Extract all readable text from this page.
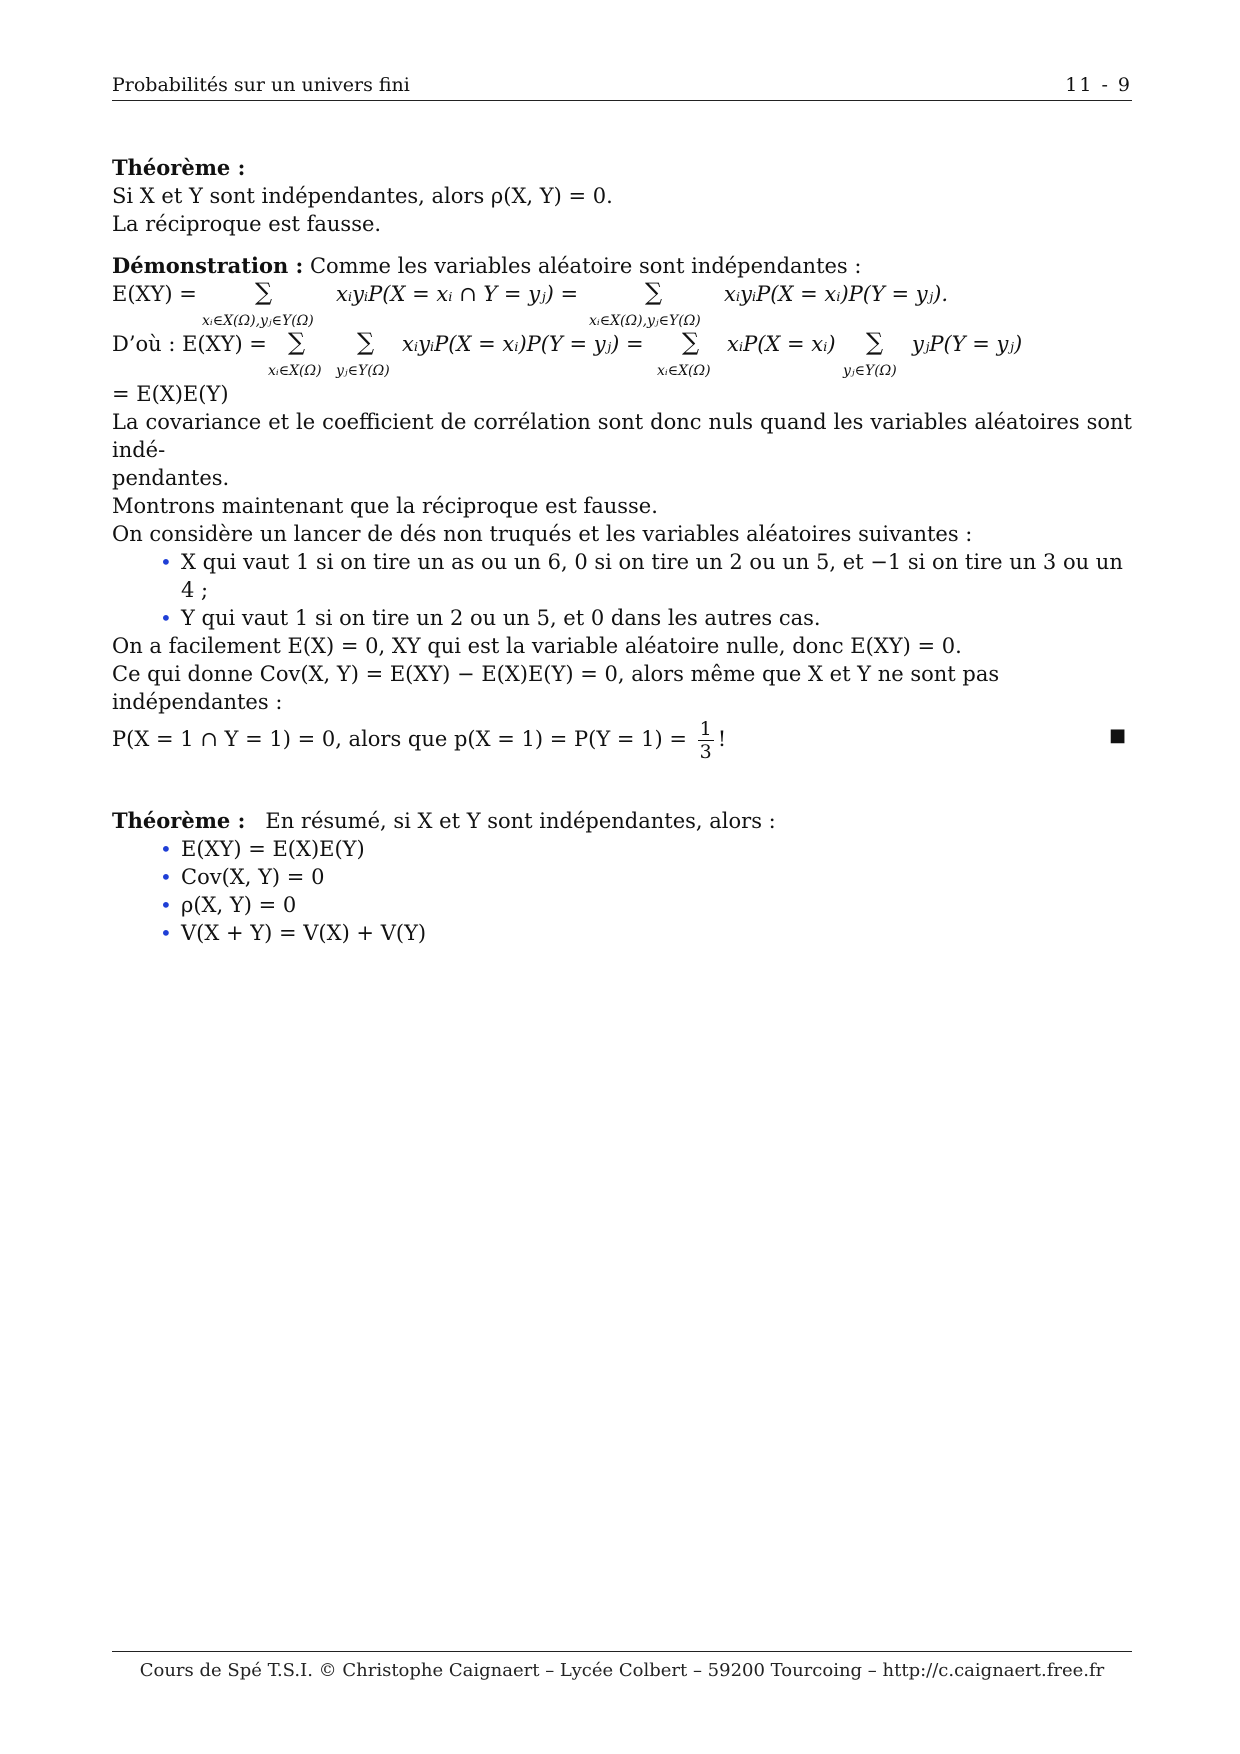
Probabilités sur un univers fini	11 - 9

Théorème :

Si X et Y sont indépendantes, alors ρ(X, Y) = 0.

La réciproque est fausse.

Démonstration : Comme les variables aléatoire sont indépendantes :

E(XY) = ∑
xᵢ∈X(Ω),yⱼ∈Y(Ω)
xᵢyᵢP(X = xᵢ ∩ Y = yⱼ) =	∑
xᵢ∈X(Ω),yⱼ∈Y(Ω)
xᵢyᵢP(X = xᵢ)P(Y = yⱼ).
D’où : E(XY) = ∑
xᵢ∈X(Ω)
∑
yⱼ∈Y(Ω)
xᵢyᵢP(X = xᵢ)P(Y = yⱼ) = ∑
xᵢ∈X(Ω)
xᵢP(X = xᵢ) ∑
yⱼ∈Y(Ω)
yⱼP(Y = yⱼ)

= E(X)E(Y)

La covariance et le coefficient de corrélation sont donc nuls quand les variables aléatoires sont indé-

pendantes.

Montrons maintenant que la réciproque est fausse.

On considère un lancer de dés non truqués et les variables aléatoires suivantes :

• X qui vaut 1 si on tire un as ou un 6, 0 si on tire un 2 ou un 5, et −1 si on tire un 3 ou un 4 ;
• Y qui vaut 1 si on tire un 2 ou un 5, et 0 dans les autres cas.

On a facilement E(X) = 0, XY qui est la variable aléatoire nulle, donc E(XY) = 0.

Ce qui donne Cov(X, Y) = E(XY) − E(X)E(Y) = 0, alors même que X et Y ne sont pas indépendantes :

P(X = 1 ∩ Y = 1) = 0, alors que $p(X = 1) = P(Y = 1) = \frac{1}{3}$ !	■

Théorème : En résumé, si X et Y sont indépendantes, alors :

• E(XY) = E(X)E(Y)
• Cov(X, Y) = 0
• ρ(X, Y) = 0
• V(X + Y) = V(X) + V(Y)
Cours de Spé T.S.I. © Christophe Caignaert – Lycée Colbert – 59200 Tourcoing – http://c.caignaert.free.fr
